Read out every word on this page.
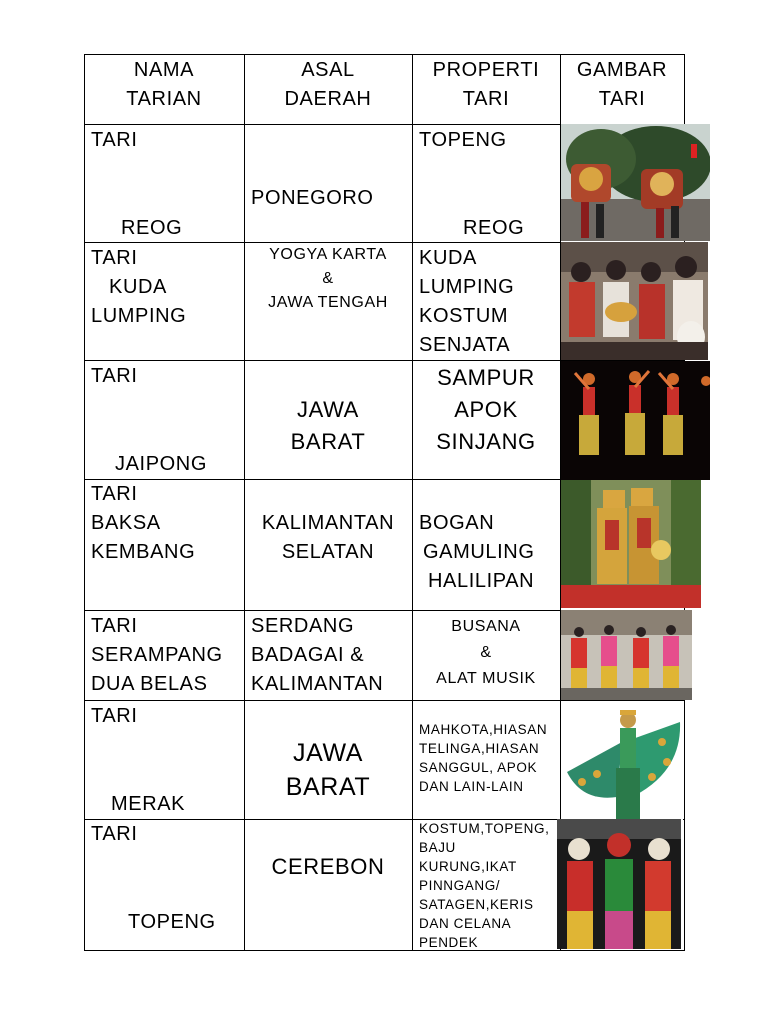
NAMA
TARIAN
ASAL
DAERAH
PROPERTI
TARI
GAMBAR
TARI
TARI
REOG
PONEGORO
TOPENG
REOG
TARI
KUDA
LUMPING
YOGYA KARTA
&
JAWA TENGAH
KUDA
LUMPING
KOSTUM
SENJATA
TARI
JAIPONG
JAWA
BARAT
SAMPUR
APOK
SINJANG
TARI
BAKSA
KEMBANG
KALIMANTAN
SELATAN
BOGAN
GAMULING
HALILIPAN
TARI
SERAMPANG
DUA BELAS
SERDANG
BADAGAI &
KALIMANTAN
BUSANA
&
ALAT MUSIK
TARI
MERAK
JAWA
BARAT
MAHKOTA,HIASAN
TELINGA,HIASAN
SANGGUL, APOK
DAN LAIN-LAIN
TARI
TOPENG
CEREBON
KOSTUM,TOPENG,
BAJU
KURUNG,IKAT
PINNGANG/
SATAGEN,KERIS
DAN CELANA
PENDEK
